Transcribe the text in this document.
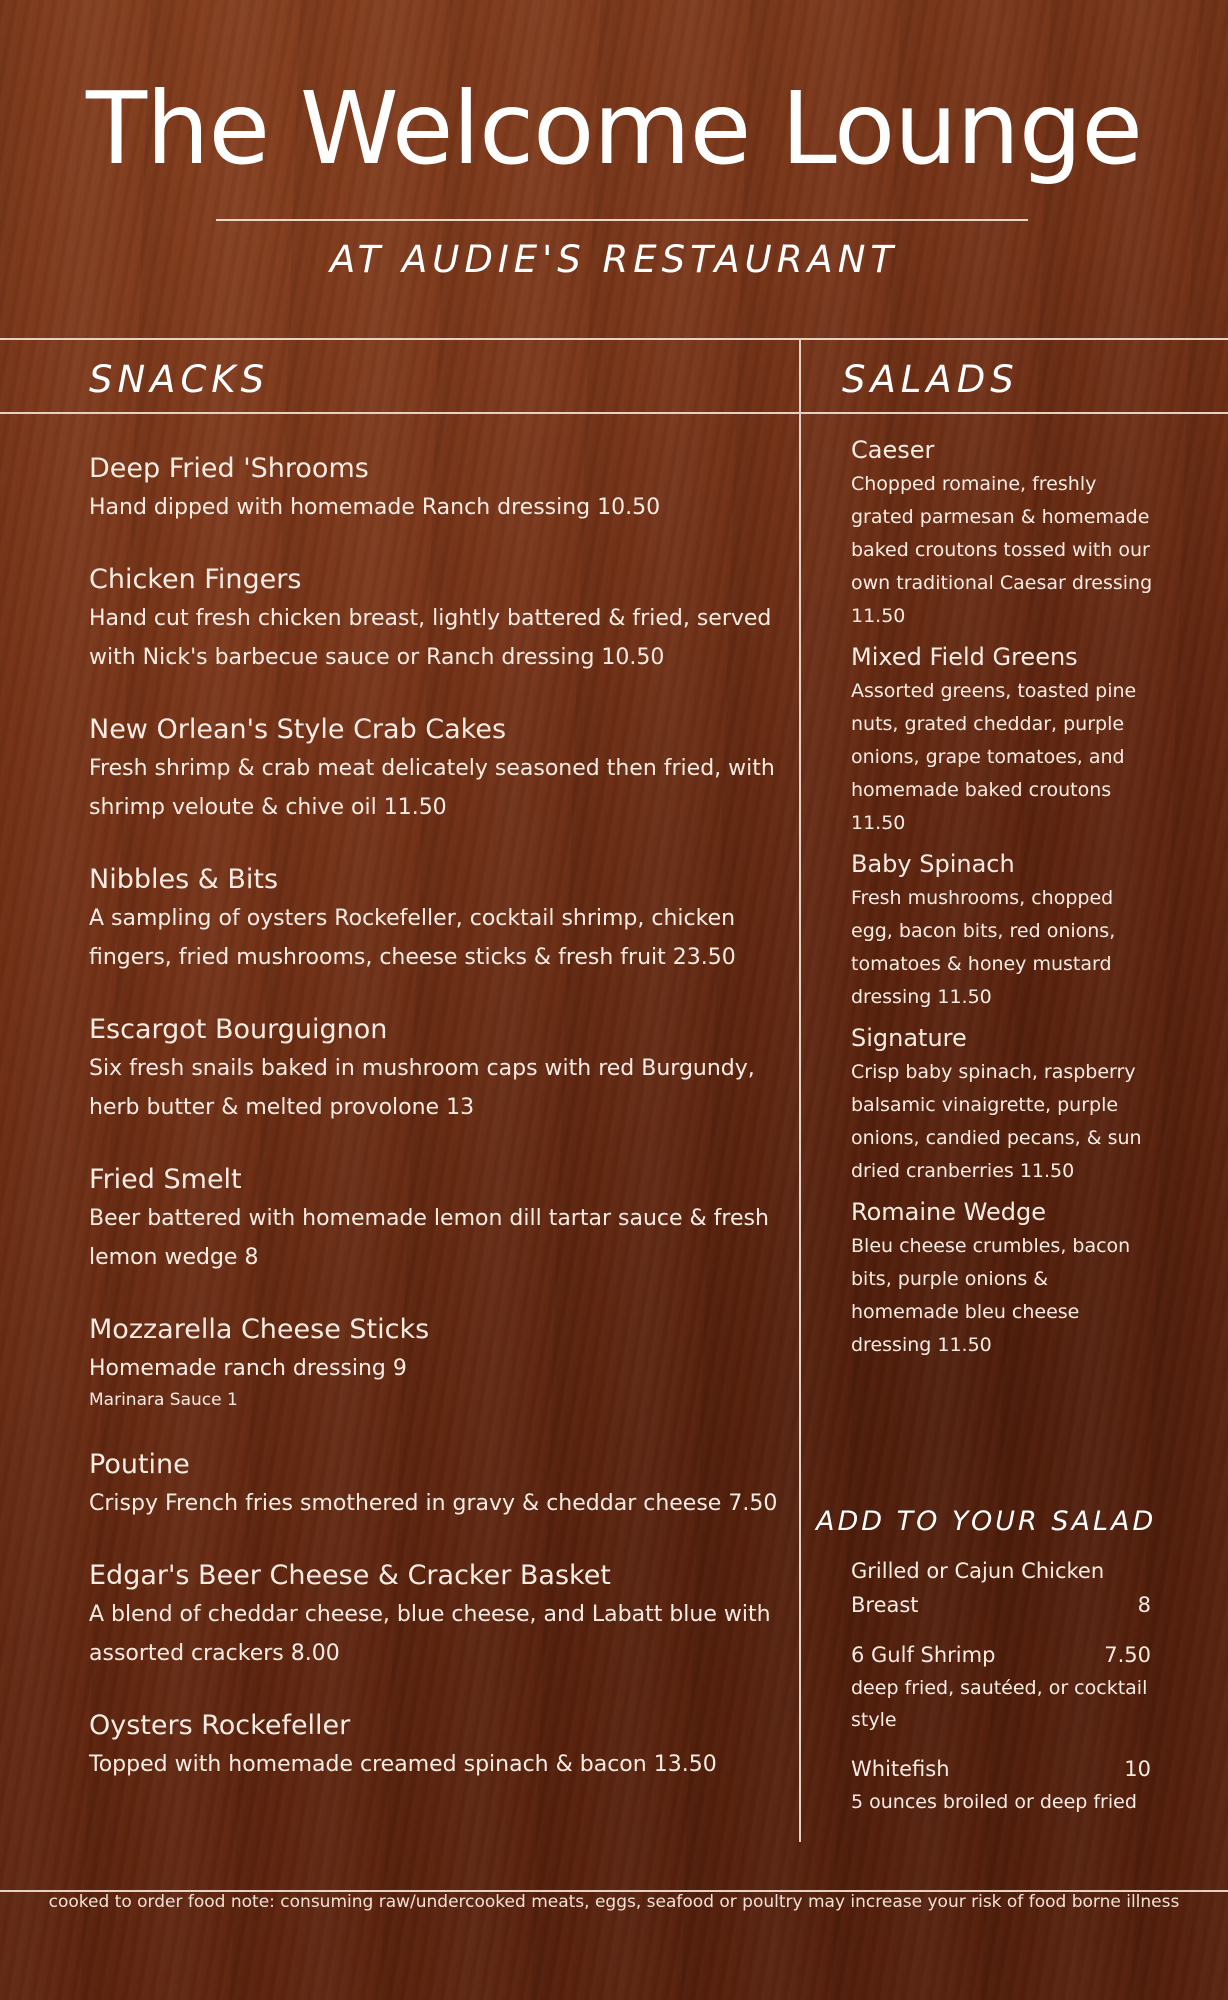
The Welcome Lounge
AT AUDIE'S RESTAURANT
SNACKS	SALADS
Deep Fried 'Shrooms
Hand dipped with homemade Ranch dressing 10.50
Chicken Fingers
Hand cut fresh chicken breast, lightly battered & fried, served with Nick's barbecue sauce or Ranch dressing 10.50
New Orlean's Style Crab Cakes
Fresh shrimp & crab meat delicately seasoned then fried, with shrimp veloute & chive oil 11.50
Nibbles & Bits
A sampling of oysters Rockefeller, cocktail shrimp, chicken fingers, fried mushrooms, cheese sticks & fresh fruit 23.50
Escargot Bourguignon
Six fresh snails baked in mushroom caps with red Burgundy, herb butter & melted provolone 13
Fried Smelt
Beer battered with homemade lemon dill tartar sauce & fresh lemon wedge 8
Mozzarella Cheese Sticks
Homemade ranch dressing 9
Marinara Sauce 1
Poutine
Crispy French fries smothered in gravy & cheddar cheese 7.50
Edgar's Beer Cheese & Cracker Basket
A blend of cheddar cheese, blue cheese, and Labatt blue with assorted crackers 8.00
Oysters Rockefeller
Topped with homemade creamed spinach & bacon 13.50
Caeser
Chopped romaine, freshly grated parmesan & homemade baked croutons tossed with our own traditional Caesar dressing 11.50
Mixed Field Greens
Assorted greens, toasted pine nuts, grated cheddar, purple onions, grape tomatoes, and homemade baked croutons 11.50
Baby Spinach
Fresh mushrooms, chopped egg, bacon bits, red onions, tomatoes & honey mustard dressing 11.50
Signature
Crisp baby spinach, raspberry balsamic vinaigrette, purple onions, candied pecans, & sun dried cranberries 11.50
Romaine Wedge
Bleu cheese crumbles, bacon bits, purple onions & homemade bleu cheese dressing 11.50
ADD TO YOUR SALAD
Grilled or Cajun Chicken Breast	8
6 Gulf Shrimp	7.50
deep fried, sautéed, or cocktail style
Whitefish	10
5 ounces broiled or deep fried
cooked to order food note: consuming raw/undercooked meats, eggs, seafood or poultry may increase your risk of food borne illness
